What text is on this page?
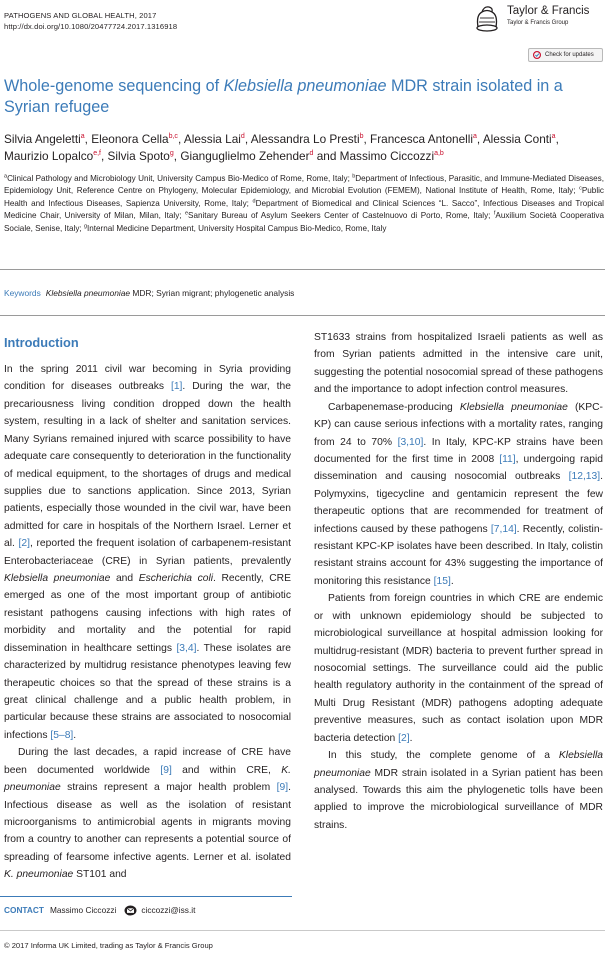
PATHOGENS AND GLOBAL HEALTH, 2017
http://dx.doi.org/10.1080/20477724.2017.1316918
Taylor & Francis
Taylor & Francis Group
Check for updates
Whole-genome sequencing of Klebsiella pneumoniae MDR strain isolated in a Syrian refugee
Silvia Angeletti$^a$, Eleonora Cella$^{b,c}$, Alessia Lai$^d$, Alessandra Lo Presti$^b$, Francesca Antonelli$^a$, Alessia Conti$^a$, Maurizio Lopalco$^{e,f}$, Silvia Spoto$^g$, Gianguglielmo Zehender$^d$ and Massimo Ciccozzi$^{a,b}$
$^a$Clinical Pathology and Microbiology Unit, University Campus Bio-Medico of Rome, Rome, Italy; $^b$Department of Infectious, Parasitic, and Immune-Mediated Diseases, Epidemiology Unit, Reference Centre on Phylogeny, Molecular Epidemiology, and Microbial Evolution (FEMEM), National Institute of Health, Rome, Italy; $^c$Public Health and Infectious Diseases, Sapienza University, Rome, Italy; $^d$Department of Biomedical and Clinical Sciences “L. Sacco”, Infectious Diseases and Tropical Medicine Chair, University of Milan, Milan, Italy; $^e$Sanitary Bureau of Asylum Seekers Center of Castelnuovo di Porto, Rome, Italy; $^f$Auxilium Società Cooperativa Sociale, Senise, Italy; $^g$Internal Medicine Department, University Hospital Campus Bio-Medico, Rome, Italy
Keywords Klebsiella pneumoniae MDR; Syrian migrant; phylogenetic analysis
Introduction

In the spring 2011 civil war becoming in Syria providing condition for diseases outbreaks [1]. During the war, the precariousness living condition dropped down the health system, resulting in a lack of shelter and sanitation services. Many Syrians remained injured with scarce possibility to have adequate care consequently to deterioration in the functionality of medical equipment, to the shortages of drugs and medical supplies due to sanctions application. Since 2013, Syrian patients, especially those wounded in the civil war, have been admitted for care in hospitals of the Northern Israel. Lerner et al. [2], reported the frequent isolation of carbapenem-resistant Enterobacteriaceae (CRE) in Syrian patients, prevalently Klebsiella pneumoniae and Escherichia coli. Recently, CRE emerged as one of the most important group of antibiotic resistant pathogens causing infections with high rates of morbidity and mortality and the potential for rapid dissemination in healthcare settings [3,4]. These isolates are characterized by multidrug resistance phenotypes leaving few therapeutic choices so that the spread of these strains is a great clinical challenge and a public health problem, in particular because these strains are associated to nosocomial infections [5–8].

During the last decades, a rapid increase of CRE have been documented worldwide [9] and within CRE, K. pneumoniae strains represent a major health problem [9]. Infectious disease as well as the isolation of resistant microorganisms to antimicrobial agents in migrants moving from a country to another can represents a potential source of spreading of fearsome infective agents. Lerner et al. isolated K. pneumoniae ST101 and

ST1633 strains from hospitalized Israeli patients as well as from Syrian patients admitted in the intensive care unit, suggesting the potential nosocomial spread of these pathogens and the importance to adopt infection control measures.

Carbapenemase-producing Klebsiella pneumoniae (KPC-KP) can cause serious infections with a mortality rates, ranging from 24 to 70% [3,10]. In Italy, KPC-KP strains have been documented for the first time in 2008 [11], undergoing rapid dissemination and causing nosocomial outbreaks [12,13]. Polymyxins, tigecycline and gentamicin represent the few therapeutic options that are recommended for treatment of infections caused by these pathogens [7,14]. Recently, colistin-resistant KPC-KP isolates have been described. In Italy, colistin resistant strains account for 43% suggesting the importance of monitoring this resistance [15].

Patients from foreign countries in which CRE are endemic or with unknown epidemiology should be subjected to microbiological surveillance at hospital admission looking for multidrug-resistant (MDR) bacteria to prevent further spread in nosocomial settings. The surveillance could aid the public health regulatory authority in the containment of the spread of Multi Drug Resistant (MDR) pathogens adopting adequate preventive measures, such as contact isolation upon MDR bacteria detection [2].

In this study, the complete genome of a Klebsiella pneumoniae MDR strain isolated in a Syrian patient has been analysed. Towards this aim the phylogenetic tolls have been applied to improve the microbiological surveillance of MDR strains.

CONTACT Massimo Ciccozzi	ciccozzi@iss.it
© 2017 Informa UK Limited, trading as Taylor & Francis Group
